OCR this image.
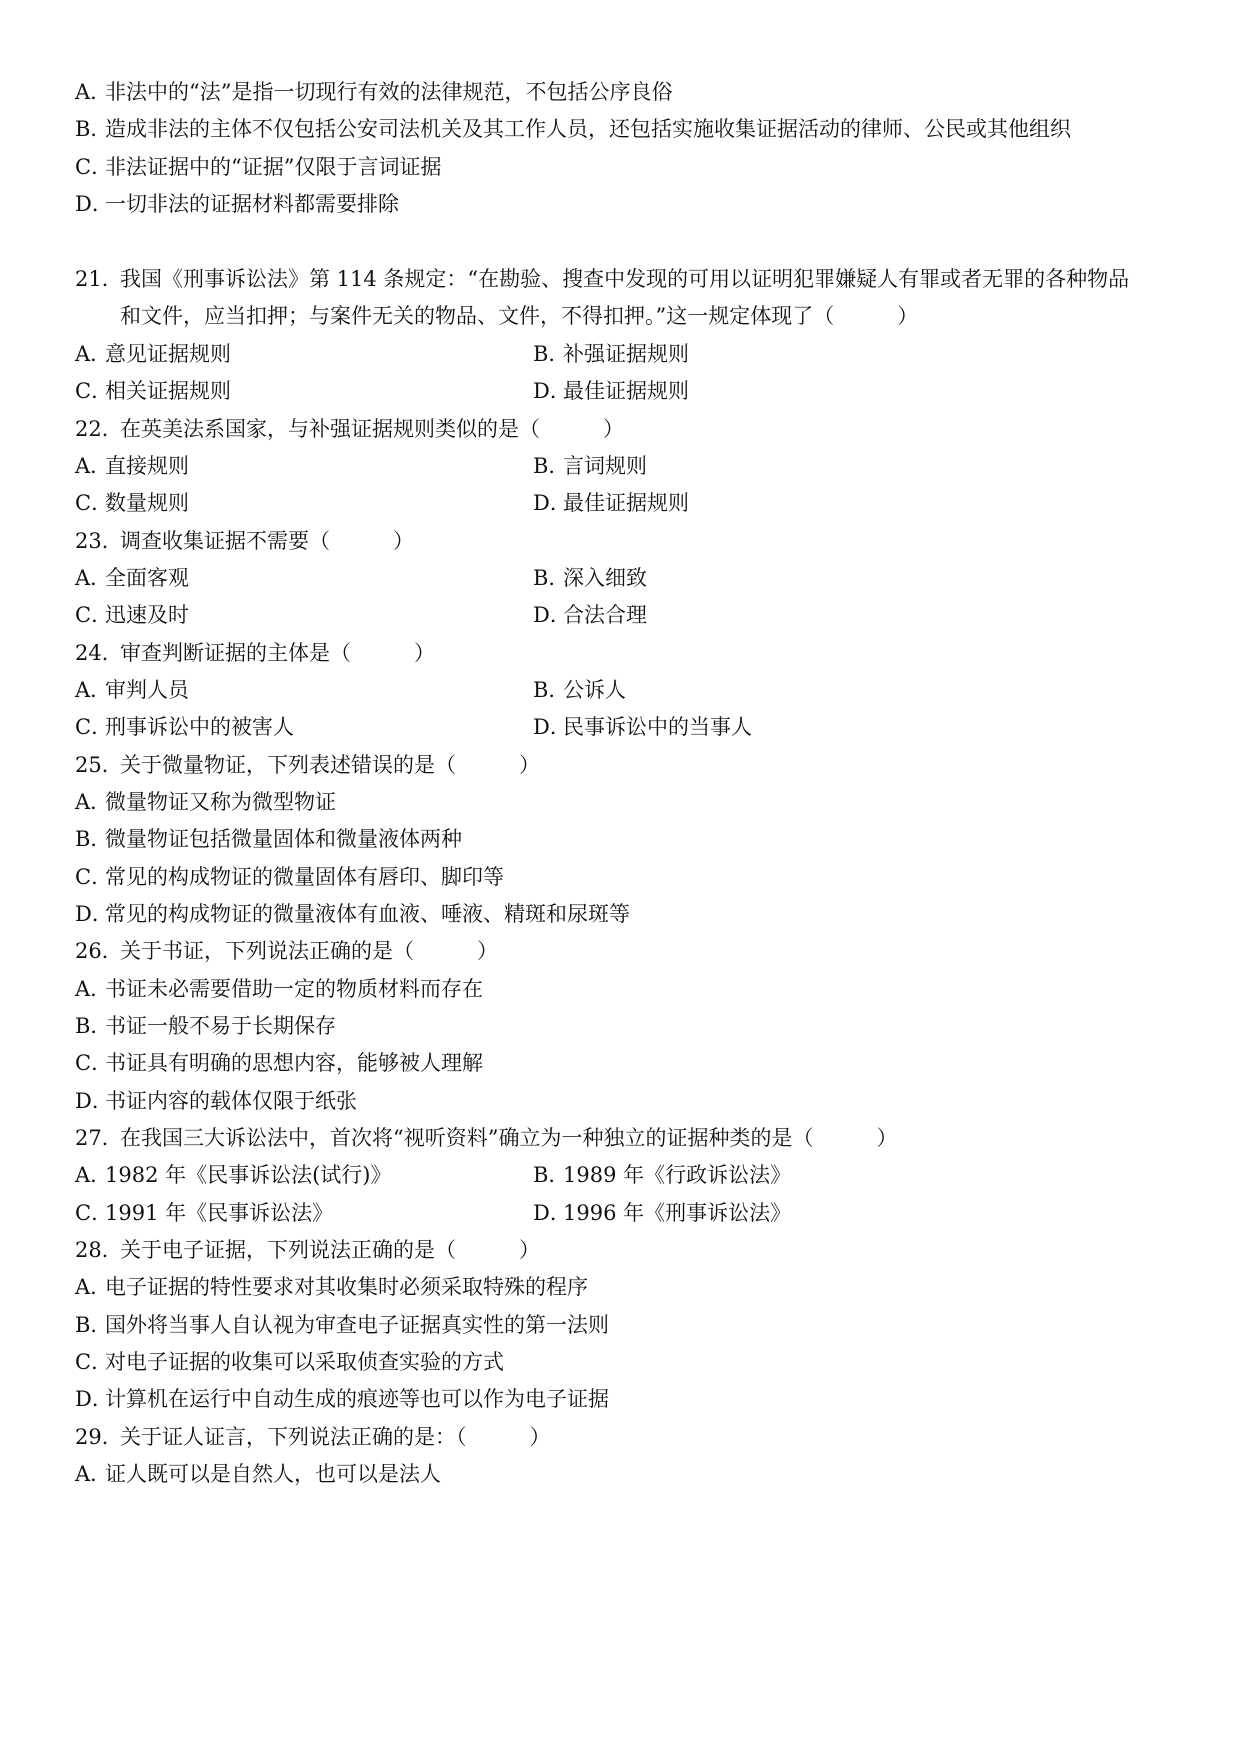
A．非法中的“法”是指一切现行有效的法律规范，不包括公序良俗
B．造成非法的主体不仅包括公安司法机关及其工作人员，还包括实施收集证据活动的律师、公民或其他组织
C．非法证据中的“证据”仅限于言词证据
D．一切非法的证据材料都需要排除
21．我国《刑事诉讼法》第 114 条规定：“在勘验、搜查中发现的可用以证明犯罪嫌疑人有罪或者无罪的各种物品
和文件，应当扣押；与案件无关的物品、文件，不得扣押。”这一规定体现了（　　　）
A．意见证据规则	B．补强证据规则
C．相关证据规则	D．最佳证据规则
22．在英美法系国家，与补强证据规则类似的是（　　　）
A．直接规则	B．言词规则
C．数量规则	D．最佳证据规则
23．调查收集证据不需要（　　　）
A．全面客观	B．深入细致
C．迅速及时	D．合法合理
24．审查判断证据的主体是（　　　）
A．审判人员	B．公诉人
C．刑事诉讼中的被害人	D．民事诉讼中的当事人
25．关于微量物证，下列表述错误的是（　　　）
A．微量物证又称为微型物证
B．微量物证包括微量固体和微量液体两种
C．常见的构成物证的微量固体有唇印、脚印等
D．常见的构成物证的微量液体有血液、唾液、精斑和尿斑等
26．关于书证，下列说法正确的是（　　　）
A．书证未必需要借助一定的物质材料而存在
B．书证一般不易于长期保存
C．书证具有明确的思想内容，能够被人理解
D．书证内容的载体仅限于纸张
27．在我国三大诉讼法中，首次将“视听资料”确立为一种独立的证据种类的是（　　　）
A．1982 年《民事诉讼法(试行)》	B．1989 年《行政诉讼法》
C．1991 年《民事诉讼法》	D．1996 年《刑事诉讼法》
28．关于电子证据，下列说法正确的是（　　　）
A．电子证据的特性要求对其收集时必须采取特殊的程序
B．国外将当事人自认视为审查电子证据真实性的第一法则
C．对电子证据的收集可以采取侦查实验的方式
D．计算机在运行中自动生成的痕迹等也可以作为电子证据
29．关于证人证言，下列说法正确的是：（　　　）
A．证人既可以是自然人，也可以是法人
